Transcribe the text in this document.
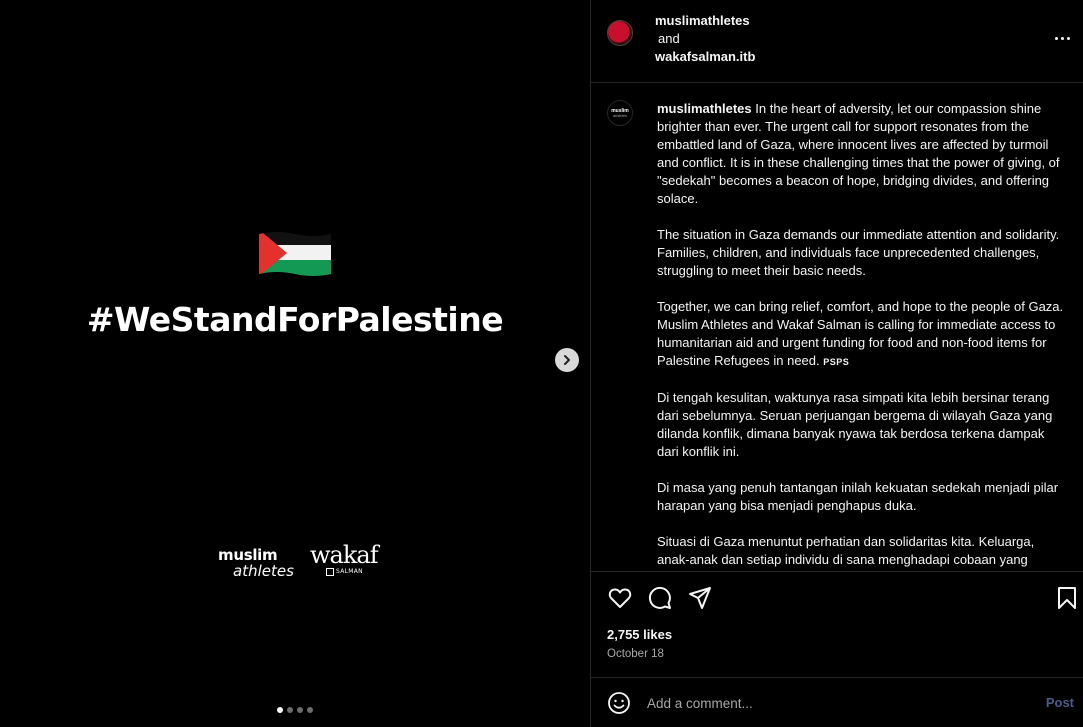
#WeStandForPalestine
muslim
athletes
wakaf
SALMAN
muslimathletes
and
wakafsalman.itb
muslim
athletes muslimathletes In the heart of adversity, let our compassion shine brighter than ever. The urgent call for support resonates from the embattled land of Gaza, where innocent lives are affected by turmoil and conflict. It is in these challenging times that the power of giving, of "sedekah" becomes a beacon of hope, bridging divides, and offering solace.

The situation in Gaza demands our immediate attention and solidarity. Families, children, and individuals face unprecedented challenges, struggling to meet their basic needs.

Together, we can bring relief, comfort, and hope to the people of Gaza. Muslim Athletes and Wakaf Salman is calling for immediate access to humanitarian aid and urgent funding for food and non-food items for Palestine Refugees in need. PSPS

Di tengah kesulitan, waktunya rasa simpati kita lebih bersinar terang dari sebelumnya. Seruan perjuangan bergema di wilayah Gaza yang dilanda konflik, dimana banyak nyawa tak berdosa terkena dampak dari konflik ini.

Di masa yang penuh tantangan inilah kekuatan sedekah menjadi pilar harapan yang bisa menjadi penghapus duka.

Situasi di Gaza menuntut perhatian dan solidaritas kita. Keluarga, anak-anak dan setiap individu di sana menghadapi cobaan yang

2,755 likes
October 18
Add a comment...
Post
